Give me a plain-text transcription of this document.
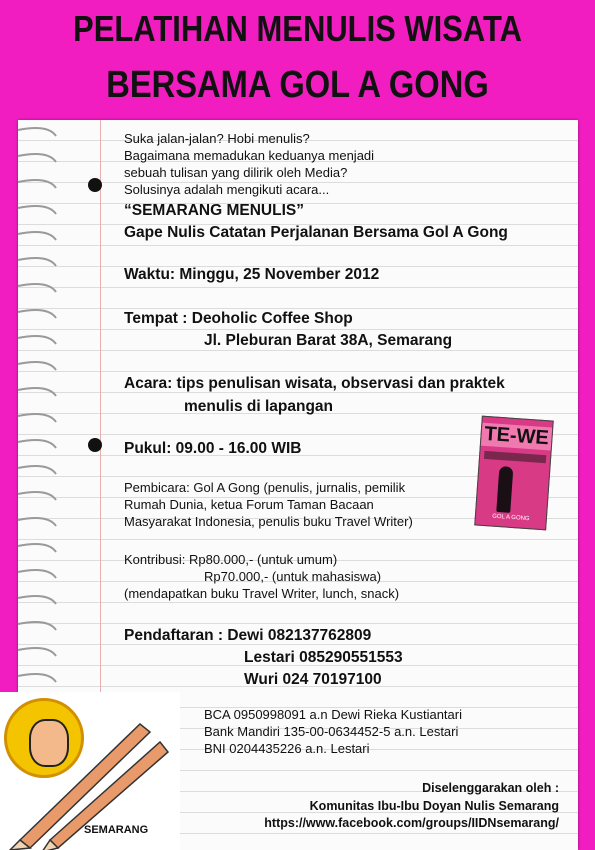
PELATIHAN MENULIS WISATA
BERSAMA GOL A GONG
Suka jalan-jalan? Hobi menulis?
Bagaimana memadukan keduanya menjadi
sebuah tulisan yang dilirik oleh Media?
Solusinya adalah mengikuti acara...
“SEMARANG MENULIS”
Gape Nulis Catatan Perjalanan Bersama Gol A Gong
Waktu: Minggu, 25 November 2012
Tempat : Deoholic Coffee Shop
Jl. Pleburan Barat 38A, Semarang
Acara: tips penulisan wisata, observasi dan praktek
menulis di lapangan
Pukul: 09.00 - 16.00 WIB
Pembicara: Gol A Gong (penulis, jurnalis, pemilik
Rumah Dunia, ketua Forum Taman Bacaan
Masyarakat Indonesia, penulis buku Travel Writer)
Kontribusi: Rp80.000,- (untuk umum)
Rp70.000,- (untuk mahasiswa)
(mendapatkan buku Travel Writer, lunch, snack)
Pendaftaran : Dewi 082137762809
Lestari 085290551553
Wuri 024 70197100
BCA 0950998091 a.n Dewi Rieka Kustiantari
Bank Mandiri 135-00-0634452-5 a.n. Lestari
BNI 0204435226 a.n. Lestari
TE-WE
GOL A GONG
SEMARANG
Diselenggarakan oleh :
Komunitas Ibu-Ibu Doyan Nulis Semarang
https://www.facebook.com/groups/IIDNsemarang/
